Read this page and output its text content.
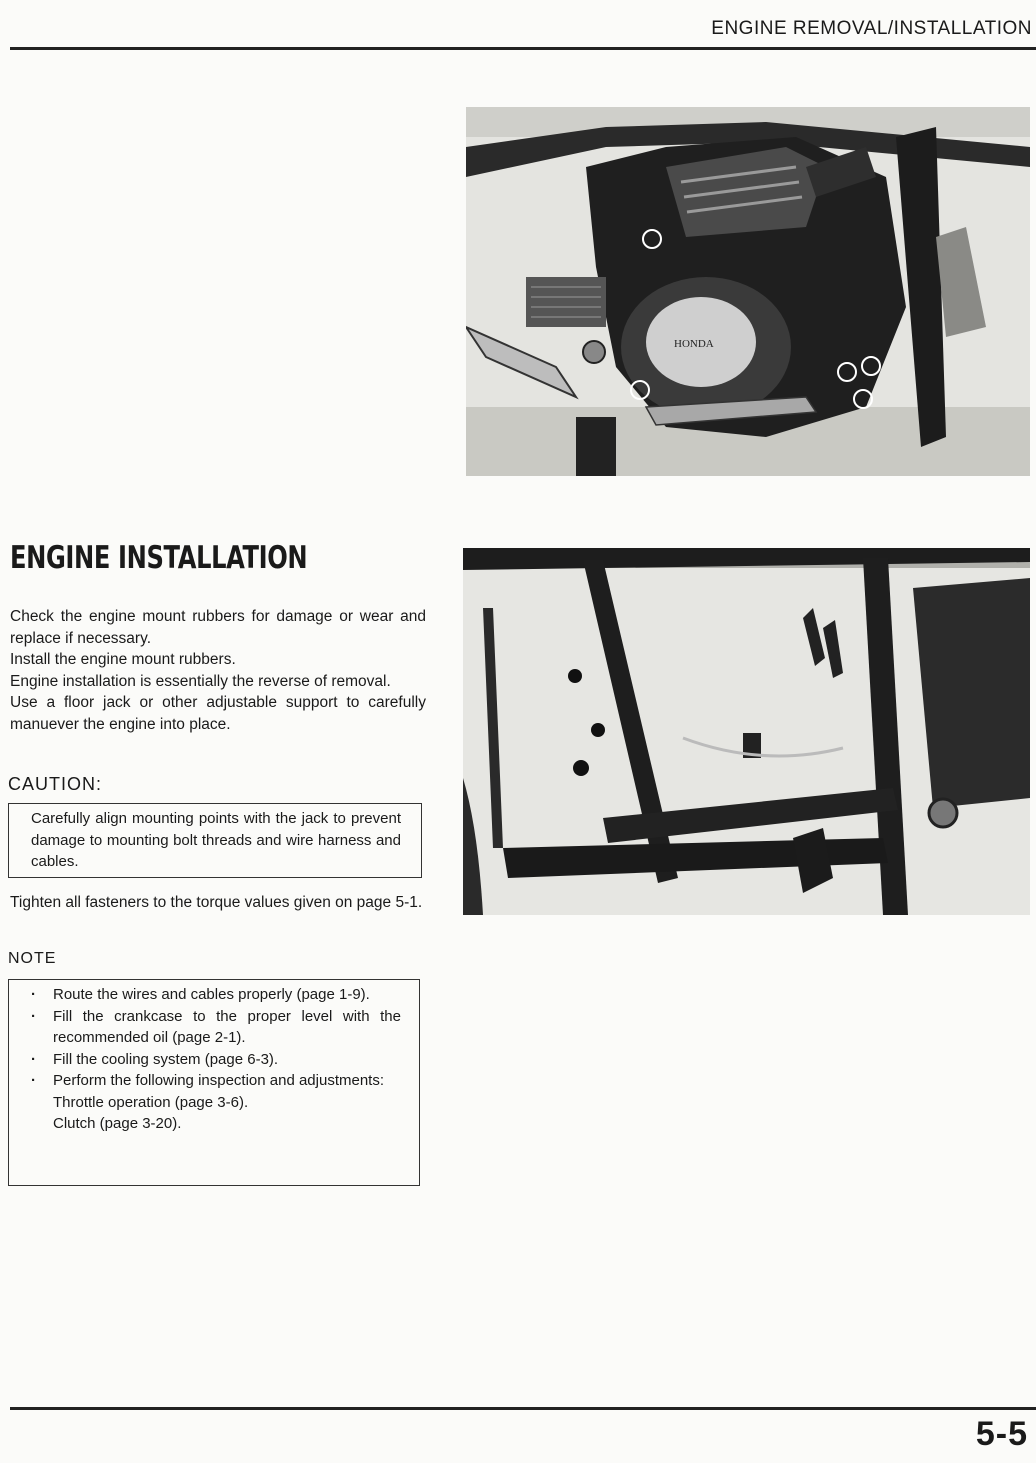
ENGINE REMOVAL/INSTALLATION
HONDA
ENGINE INSTALLATION

Check the engine mount rubbers for damage or wear and replace if necessary.

Install the engine mount rubbers.

Engine installation is essentially the reverse of removal.

Use a floor jack or other adjustable support to carefully manuever the engine into place.

CAUTION:
Carefully align mounting points with the jack to prevent damage to mounting bolt threads and wire harness and cables.

Tighten all fasteners to the torque values given on page 5-1.

NOTE
· Route the wires and cables properly (page 1-9).
· Fill the crankcase to the proper level with the recommended oil (page 2-1).
· Fill the cooling system (page 6-3).
· Perform the following inspection and adjustments:
Throttle operation (page 3-6).
Clutch (page 3-20).
5-5
